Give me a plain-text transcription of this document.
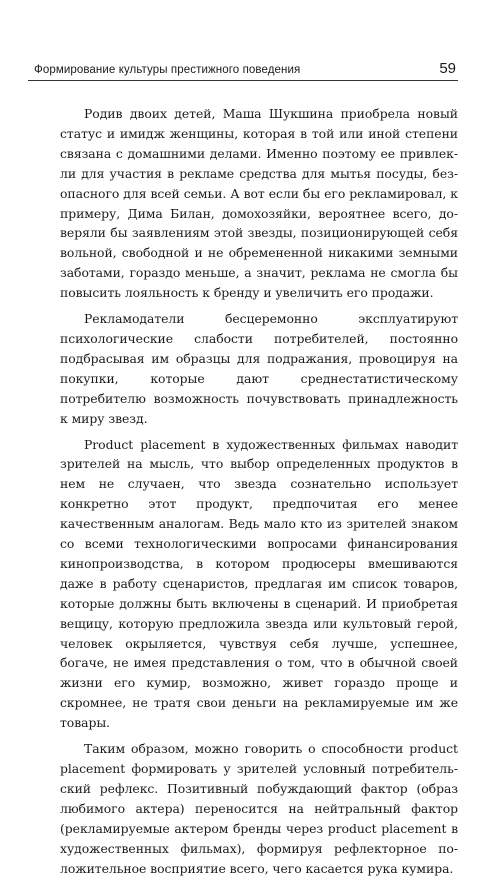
Формирование культуры престижного поведения	59

Родив двоих детей, Маша Шукшина приобрела новый статус и имидж женщины, которая в той или иной степени связана с домашними делами. Именно поэтому ее привлекли для участия в рекламе средства для мытья посуды, безопасного для всей семьи. А вот если бы его рекламировал, к примеру, Дима Билан, домохозяйки, вероятнее всего, доверяли бы заявлениям этой звезды, позиционирующей себя вольной, свободной и не обремененной никакими земными заботами, гораздо меньше, а значит, реклама не смогла бы повысить лояльность к бренду и увеличить его продажи.

Рекламодатели бесцеремонно эксплуатируют психологические слабости потребителей, постоянно подбрасывая им образцы для подражания, провоцируя на покупки, которые дают среднестатистическому потребителю возможность почувствовать принадлежность к миру звезд.

Product placement в художественных фильмах наводит зрителей на мысль, что выбор определенных продуктов в нем не случаен, что звезда сознательно использует конкретно этот продукт, предпочитая его менее качественным аналогам. Ведь мало кто из зрителей знаком со всеми технологическими вопросами финансирования кинопроизводства, в котором продюсеры вмешиваются даже в работу сценаристов, предлагая им список товаров, которые должны быть включены в сценарий. И приобретая вещицу, которую предложила звезда или культовый герой, человек окрыляется, чувствуя себя лучше, успешнее, богаче, не имея представления о том, что в обычной своей жизни его кумир, возможно, живет гораздо проще и скромнее, не тратя свои деньги на рекламируемые им же товары.

Таким образом, можно говорить о способности product placement формировать у зрителей условный потребительский рефлекс. Позитивный побуждающий фактор (образ любимого актера) переносится на нейтральный фактор (рекламируемые актером бренды через product placement в художественных фильмах), формируя рефлекторное положительное восприятие всего, чего касается рука кумира.
